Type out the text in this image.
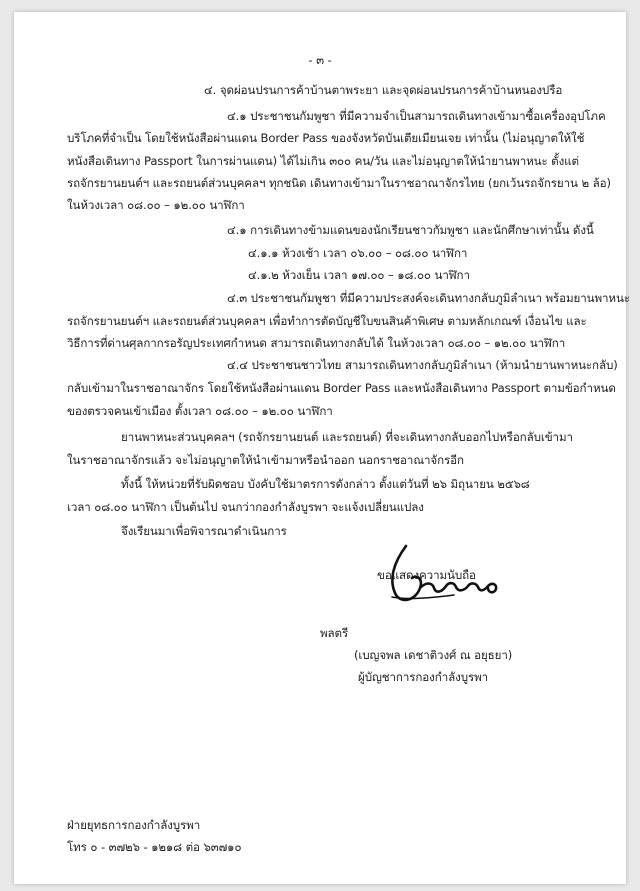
- ๓ -
๔. จุดผ่อนปรนการค้าบ้านตาพระยา และจุดผ่อนปรนการค้าบ้านหนองปรือ
๔.๑ ประชาชนกัมพูชา ที่มีความจำเป็นสามารถเดินทางเข้ามาซื้อเครื่องอุปโภค
บริโภคที่จำเป็น โดยใช้หนังสือผ่านแดน Border Pass ของจังหวัดบันเตียเมียนเจย เท่านั้น (ไม่อนุญาตให้ใช้
หนังสือเดินทาง Passport ในการผ่านแดน) ได้ไม่เกิน ๓๐๐ คน/วัน และไม่อนุญาตให้นำยานพาหนะ ตั้งแต่
รถจักรยานยนต์ฯ และรถยนต์ส่วนบุคคลฯ ทุกชนิด เดินทางเข้ามาในราชอาณาจักรไทย (ยกเว้นรถจักรยาน ๒ ล้อ)
ในห้วงเวลา ๐๘.๐๐ – ๑๒.๐๐ นาฬิกา
๔.๑ การเดินทางข้ามแดนของนักเรียนชาวกัมพูชา และนักศึกษาเท่านั้น ดังนี้
๔.๑.๑ ห้วงเช้า เวลา ๐๖.๐๐ – ๐๘.๐๐ นาฬิกา
๔.๑.๒ ห้วงเย็น เวลา ๑๗.๐๐ – ๑๘.๐๐ นาฬิกา
๔.๓ ประชาชนกัมพูชา ที่มีความประสงค์จะเดินทางกลับภูมิลำเนา พร้อมยานพาหนะ
รถจักรยานยนต์ฯ และรถยนต์ส่วนบุคคลฯ เพื่อทำการตัดบัญชีใบขนสินค้าพิเศษ ตามหลักเกณฑ์ เงื่อนไข และ
วิธีการที่ด่านศุลกากรอรัญประเทศกำหนด สามารถเดินทางกลับได้ ในห้วงเวลา ๐๘.๐๐ – ๑๒.๐๐ นาฬิกา
๔.๔ ประชาชนชาวไทย สามารถเดินทางกลับภูมิลำเนา (ห้ามนำยานพาหนะกลับ)
กลับเข้ามาในราชอาณาจักร โดยใช้หนังสือผ่านแดน Border Pass และหนังสือเดินทาง Passport ตามข้อกำหนด
ของตรวจคนเข้าเมือง ตั้งเวลา ๐๘.๐๐ – ๑๒.๐๐ นาฬิกา
ยานพาหนะส่วนบุคคลฯ (รถจักรยานยนต์ และรถยนต์) ที่จะเดินทางกลับออกไปหรือกลับเข้ามา
ในราชอาณาจักรแล้ว จะไม่อนุญาตให้นำเข้ามาหรือนำออก นอกราชอาณาจักรอีก
ทั้งนี้ ให้หน่วยที่รับผิดชอบ บังคับใช้มาตรการดังกล่าว ตั้งแต่วันที่ ๒๖ มิถุนายน ๒๕๖๘
เวลา ๐๘.๐๐ นาฬิกา เป็นต้นไป จนกว่ากองกำลังบูรพา จะแจ้งเปลี่ยนแปลง
จึงเรียนมาเพื่อพิจารณาดำเนินการ
ขอแสดงความนับถือ
พลตรี
(เบญจพล เดชาติวงศ์ ณ อยุธยา)
ผู้บัญชาการกองกำลังบูรพา
ฝ่ายยุทธการกองกำลังบูรพา
โทร ๐ - ๓๗๒๖ - ๑๒๑๘ ต่อ ๖๓๗๑๐
